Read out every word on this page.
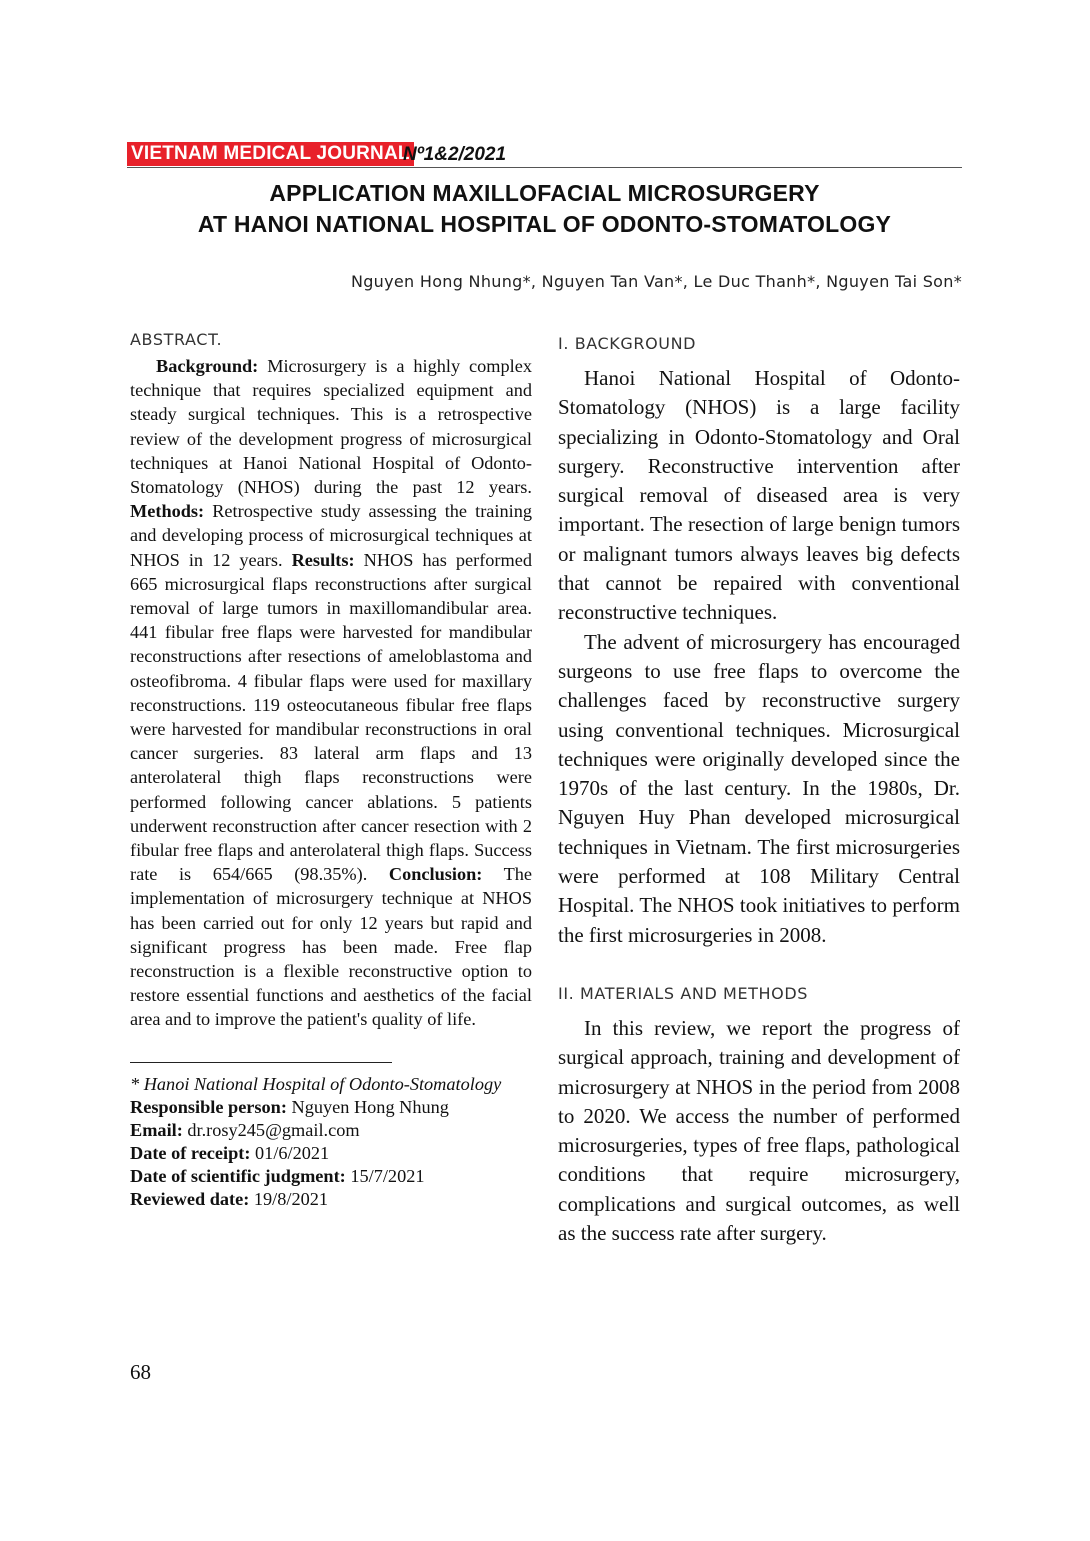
VIETNAM MEDICAL JOURNAL
Nº1&2/2021
APPLICATION MAXILLOFACIAL MICROSURGERY
AT HANOI NATIONAL HOSPITAL OF ODONTO-STOMATOLOGY
Nguyen Hong Nhung*, Nguyen Tan Van*, Le Duc Thanh*, Nguyen Tai Son*
ABSTRACT.

Background: Microsurgery is a highly complex technique that requires specialized equipment and steady surgical techniques. This is a retrospective review of the development progress of microsurgical techniques at Hanoi National Hospital of Odonto-Stomatology (NHOS) during the past 12 years. Methods: Retrospective study assessing the training and developing process of microsurgical techniques at NHOS in 12 years. Results: NHOS has performed 665 microsurgical flaps reconstructions after surgical removal of large tumors in maxillomandibular area. 441 fibular free flaps were harvested for mandibular reconstructions after resections of ameloblastoma and osteofibroma. 4 fibular flaps were used for maxillary reconstructions. 119 osteocutaneous fibular free flaps were harvested for mandibular reconstructions in oral cancer surgeries. 83 lateral arm flaps and 13 anterolateral thigh flaps reconstructions were performed following cancer ablations. 5 patients underwent reconstruction after cancer resection with 2 fibular free flaps and anterolateral thigh flaps. Success rate is 654/665 (98.35%). Conclusion: The implementation of microsurgery technique at NHOS has been carried out for only 12 years but rapid and significant progress has been made. Free flap reconstruction is a flexible reconstructive option to restore essential functions and aesthetics of the facial area and to improve the patient's quality of life.

* Hanoi National Hospital of Odonto-Stomatology

Responsible person: Nguyen Hong Nhung

Email: dr.rosy245@gmail.com

Date of receipt: 01/6/2021

Date of scientific judgment: 15/7/2021

Reviewed date: 19/8/2021

I. BACKGROUND

Hanoi National Hospital of Odonto-Stomatology (NHOS) is a large facility specializing in Odonto-Stomatology and Oral surgery. Reconstructive intervention after surgical removal of diseased area is very important. The resection of large benign tumors or malignant tumors always leaves big defects that cannot be repaired with conventional reconstructive techniques.

The advent of microsurgery has encouraged surgeons to use free flaps to overcome the challenges faced by reconstructive surgery using conventional techniques. Microsurgical techniques were originally developed since the 1970s of the last century. In the 1980s, Dr. Nguyen Huy Phan developed microsurgical techniques in Vietnam. The first microsurgeries were performed at 108 Military Central Hospital. The NHOS took initiatives to perform the first microsurgeries in 2008.

II. MATERIALS AND METHODS

In this review, we report the progress of surgical approach, training and development of microsurgery at NHOS in the period from 2008 to 2020. We access the number of performed microsurgeries, types of free flaps, pathological conditions that require microsurgery, complications and surgical outcomes, as well as the success rate after surgery.

68
